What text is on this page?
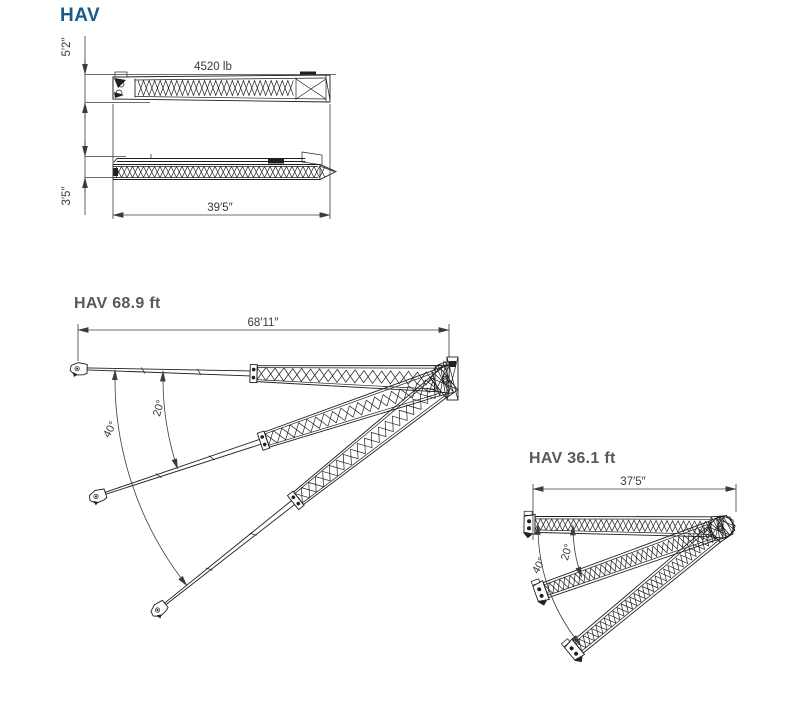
HAV
HAV 68.9 ft
HAV 36.1 ft
4520 lb
5′2″
3′5″
39′5″
68′11″
20°
40°
37′5″
20°
40°
